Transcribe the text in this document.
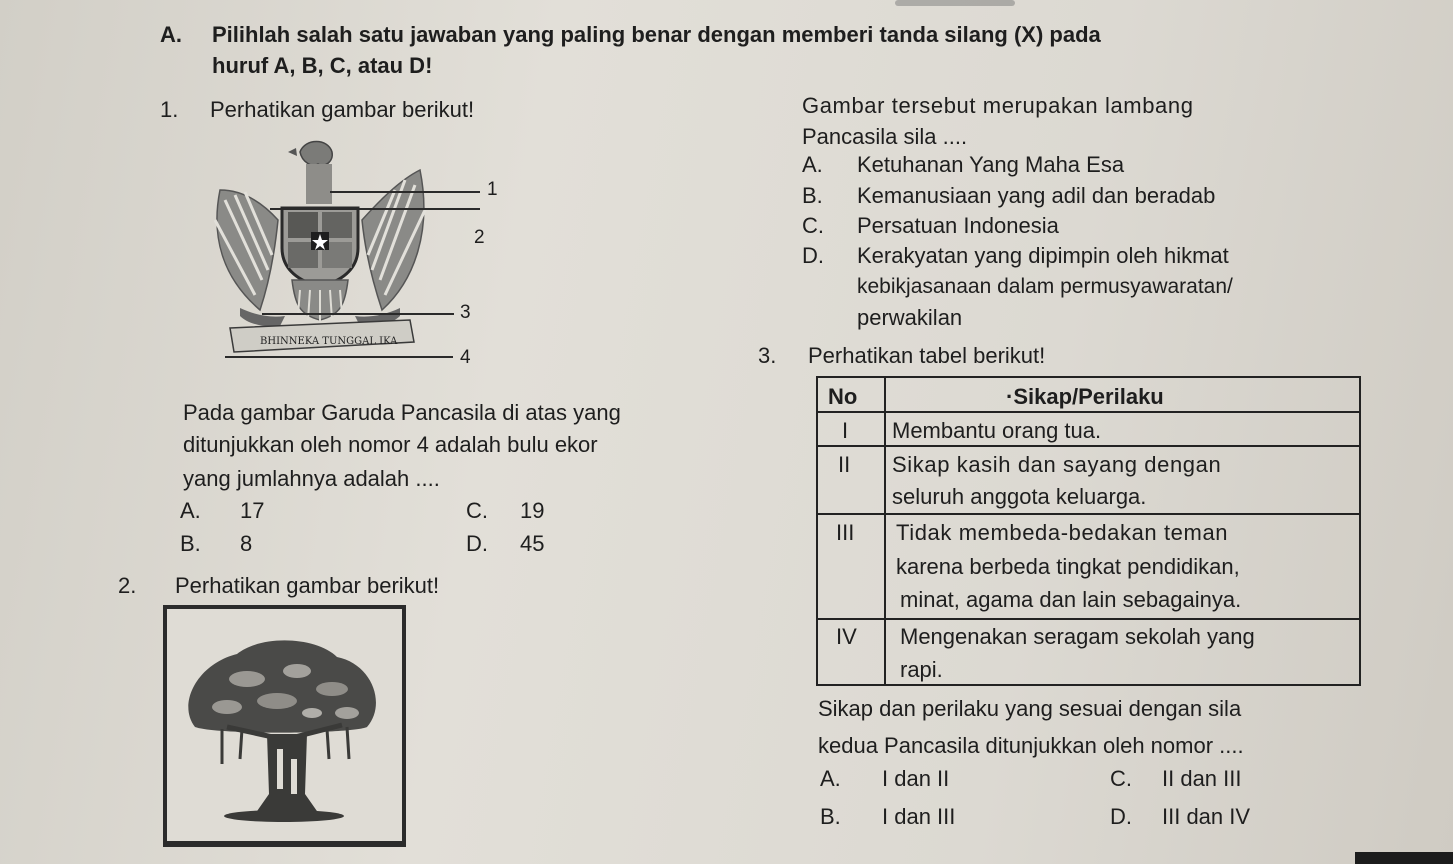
A. Pilihlah salah satu jawaban yang paling benar dengan memberi tanda silang (X) pada
huruf A, B, C, atau D!
1. Perhatikan gambar berikut!
BHINNEKA TUNGGAL IKA
1
2
3
4
Pada gambar Garuda Pancasila di atas yang
ditunjukkan oleh nomor 4 adalah bulu ekor
yang jumlahnya adalah ....
A. 17
B. 8
C. 19
D. 45
2. Perhatikan gambar berikut!
Gambar tersebut merupakan lambang
Pancasila sila ....
A. Ketuhanan Yang Maha Esa
B. Kemanusiaan yang adil dan beradab
C. Persatuan Indonesia
D. Kerakyatan yang dipimpin oleh hikmat
kebikjasanaan dalam permusyawaratan/
perwakilan
3. Perhatikan tabel berikut!
No	·Sikap/Perilaku
I Membantu orang tua.
II Sikap kasih dan sayang dengan
seluruh anggota keluarga.
III Tidak membeda-bedakan teman
karena berbeda tingkat pendidikan,
minat, agama dan lain sebagainya.
IV Mengenakan seragam sekolah yang
rapi.
Sikap dan perilaku yang sesuai dengan sila
kedua Pancasila ditunjukkan oleh nomor ....
A. I dan II
B. I dan III
C. II dan III
D. III dan IV
